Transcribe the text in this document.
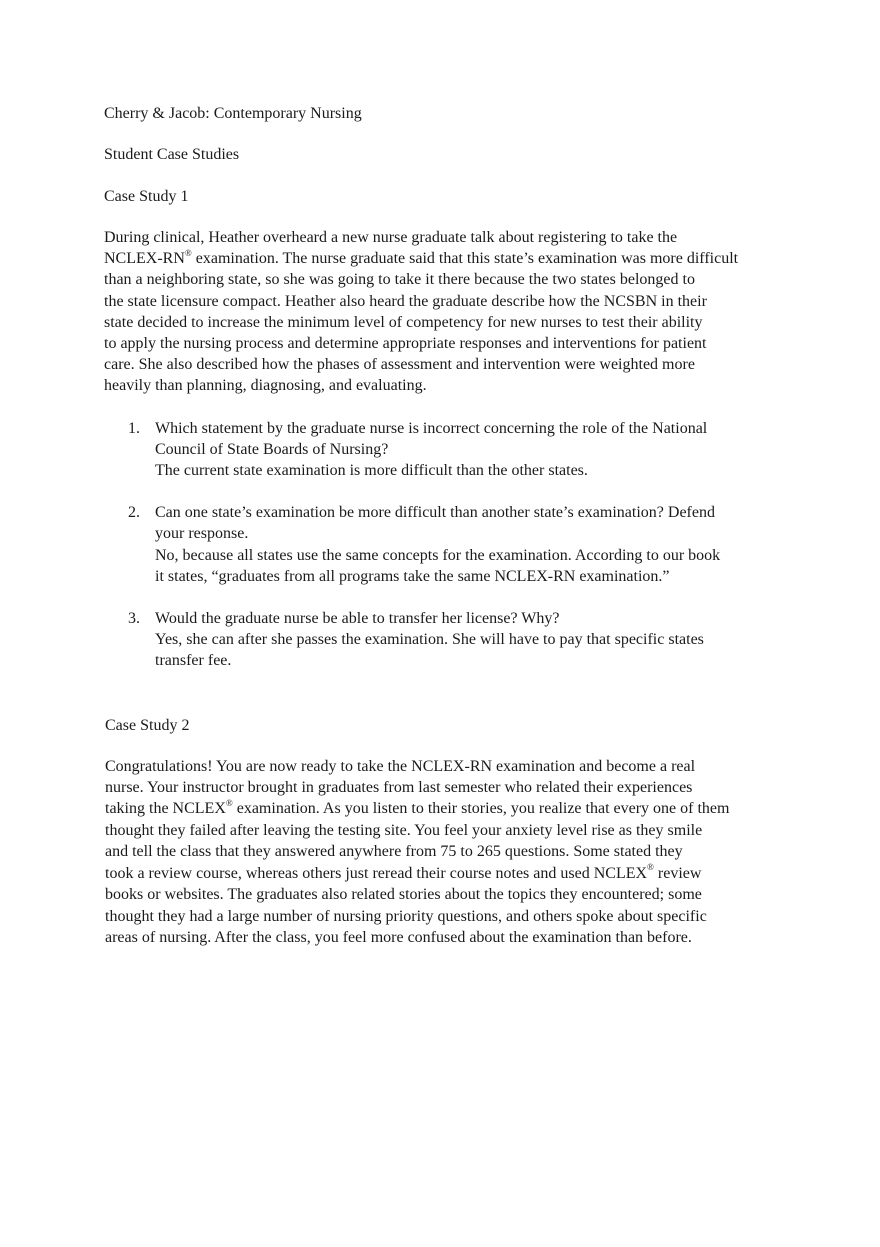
Cherry & Jacob: Contemporary Nursing

Student Case Studies

Case Study 1

During clinical, Heather overheard a new nurse graduate talk about registering to take the
NCLEX-RN® examination. The nurse graduate said that this state’s examination was more difficult
than a neighboring state, so she was going to take it there because the two states belonged to
the state licensure compact. Heather also heard the graduate describe how the NCSBN in their
state decided to increase the minimum level of competency for new nurses to test their ability
to apply the nursing process and determine appropriate responses and interventions for patient
care. She also described how the phases of assessment and intervention were weighted more
heavily than planning, diagnosing, and evaluating.

1. Which statement by the graduate nurse is incorrect concerning the role of the National
Council of State Boards of Nursing?
The current state examination is more difficult than the other states.
2. Can one state’s examination be more difficult than another state’s examination? Defend
your response.
No, because all states use the same concepts for the examination. According to our book
it states, “graduates from all programs take the same NCLEX-RN examination.”
3. Would the graduate nurse be able to transfer her license? Why?
Yes, she can after she passes the examination. She will have to pay that specific states
transfer fee.

Case Study 2

Congratulations! You are now ready to take the NCLEX-RN examination and become a real
nurse. Your instructor brought in graduates from last semester who related their experiences
taking the NCLEX® examination. As you listen to their stories, you realize that every one of them
thought they failed after leaving the testing site. You feel your anxiety level rise as they smile
and tell the class that they answered anywhere from 75 to 265 questions. Some stated they
took a review course, whereas others just reread their course notes and used NCLEX® review
books or websites. The graduates also related stories about the topics they encountered; some
thought they had a large number of nursing priority questions, and others spoke about specific
areas of nursing. After the class, you feel more confused about the examination than before.
